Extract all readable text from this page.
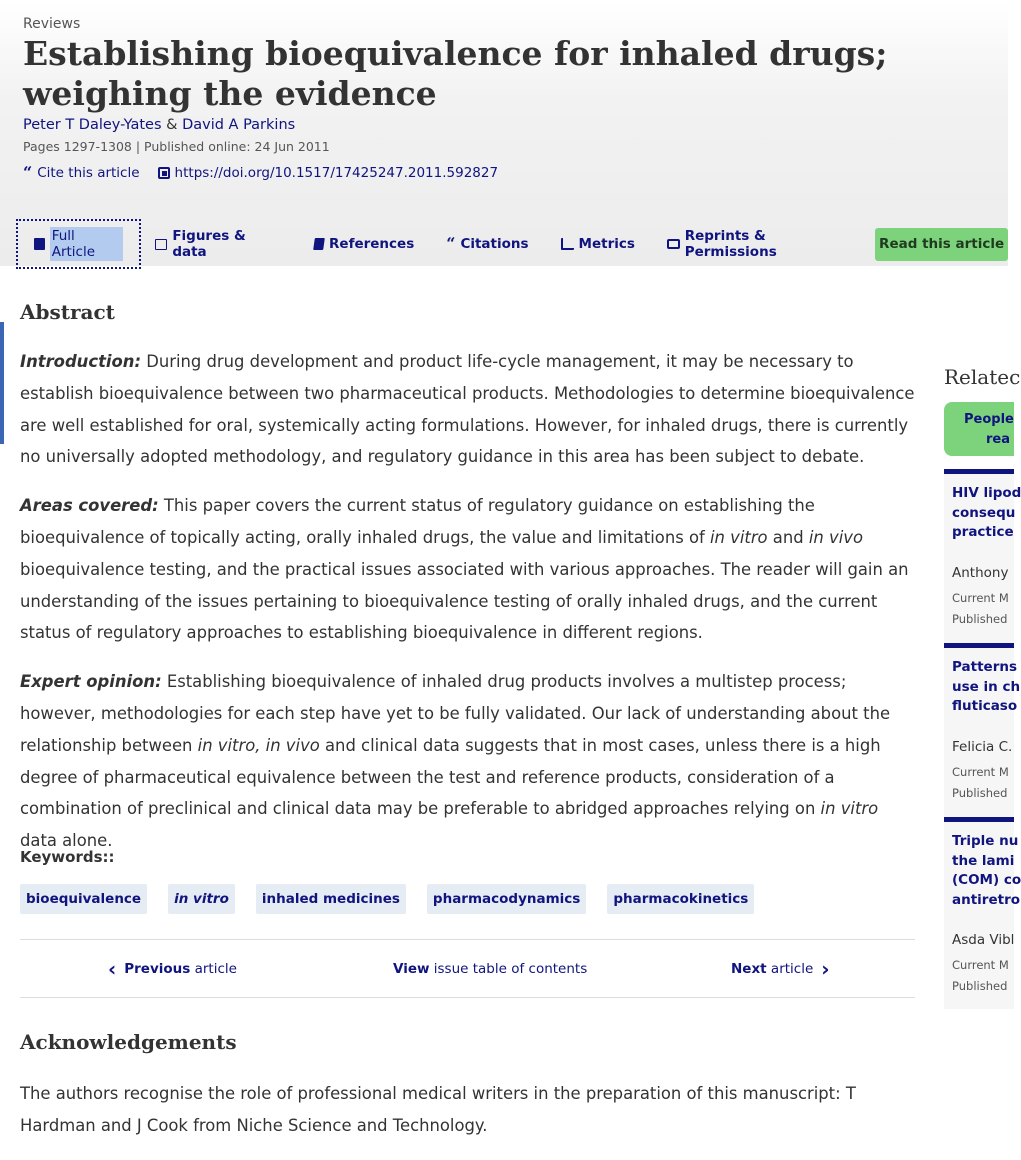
Reviews
Establishing bioequivalence for inhaled drugs; weighing the evidence
Peter T Daley-Yates & David A Parkins
Pages 1297-1308 | Published online: 24 Jun 2011
“ Cite this article	https://doi.org/10.1517/17425247.2011.592827
Full Article
Figures & data	References “ Citations	Metrics	Reprints & Permissions	Read this article
Abstract

Introduction: During drug development and product life-cycle management, it may be necessary to establish bioequivalence between two pharmaceutical products. Methodologies to determine bioequivalence are well established for oral, systemically acting formulations. However, for inhaled drugs, there is currently no universally adopted methodology, and regulatory guidance in this area has been subject to debate.

Areas covered: This paper covers the current status of regulatory guidance on establishing the bioequivalence of topically acting, orally inhaled drugs, the value and limitations of in vitro and in vivo bioequivalence testing, and the practical issues associated with various approaches. The reader will gain an understanding of the issues pertaining to bioequivalence testing of orally inhaled drugs, and the current status of regulatory approaches to establishing bioequivalence in different regions.

Expert opinion: Establishing bioequivalence of inhaled drug products involves a multistep process; however, methodologies for each step have yet to be fully validated. Our lack of understanding about the relationship between in vitro, in vivo and clinical data suggests that in most cases, unless there is a high degree of pharmaceutical equivalence between the test and reference products, consideration of a combination of preclinical and clinical data may be preferable to abridged approaches relying on in vitro data alone.

Keywords::
bioequivalence	in vitro	inhaled medicines	pharmacodynamics	pharmacokinetics
‹ Previous article	View issue table of contents	Next article ›
Acknowledgements

The authors recognise the role of professional medical writers in the preparation of this manuscript: T Hardman and J Cook from Niche Science and Technology.

Relatec
People
rea
HIV lipod
consequ
practice
Anthony
Current M
Published
Patterns
use in ch
fluticaso
Felicia C.
Current M
Published
Triple nu
the lami
(COM) co
antiretro
Asda Vibl
Current M
Published
